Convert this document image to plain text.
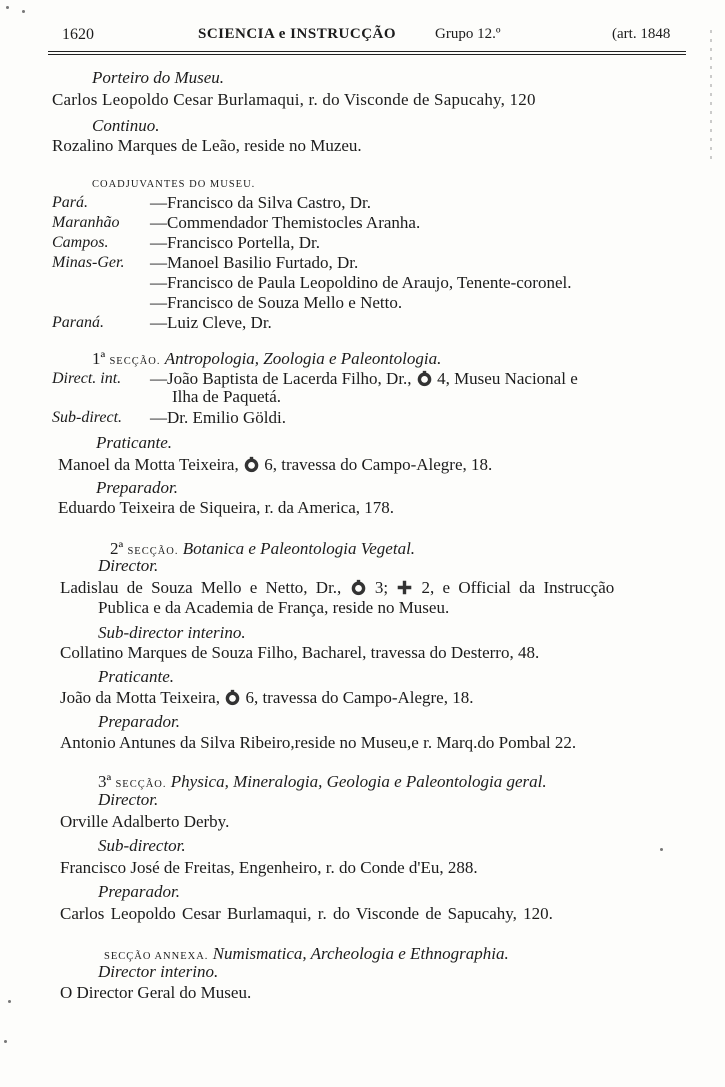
1620	SCIENCIA e INSTRUCÇÃO	Grupo 12.º	(art. 1848
Porteiro do Museu.
Carlos Leopoldo Cesar Burlamaqui, r. do Visconde de Sapucahy, 120
Continuo.
Rozalino Marques de Leão, reside no Muzeu.
COADJUVANTES DO MUSEU.
Pará.	—Francisco da Silva Castro, Dr.
Maranhão —Commendador Themistocles Aranha.
Campos. —Francisco Portella, Dr.
Minas-Ger. —Manoel Basilio Furtado, Dr.
—Francisco de Paula Leopoldino de Araujo, Tenente-coronel.
—Francisco de Souza Mello e Netto.
Paraná.	—Luiz Cleve, Dr.
1ª SECÇÃO. Antropologia, Zoologia e Paleontologia.
Direct. int. —João Baptista de Lacerda Filho, Dr., 4, Museu Nacional e
Ilha de Paquetá.
Sub-direct. —Dr. Emilio Göldi.
Praticante.
Manoel da Motta Teixeira, 6, travessa do Campo-Alegre, 18.
Preparador.
Eduardo Teixeira de Siqueira, r. da America, 178.
2ª SECÇÃO. Botanica e Paleontologia Vegetal.
Director.
Ladislau de Souza Mello e Netto, Dr., 3; 2, e Official da Instrucção
Publica e da Academia de França, reside no Museu.
Sub-director interino.
Collatino Marques de Souza Filho, Bacharel, travessa do Desterro, 48.
Praticante.
João da Motta Teixeira, 6, travessa do Campo-Alegre, 18.
Preparador.
Antonio Antunes da Silva Ribeiro,reside no Museu,e r. Marq.do Pombal 22.
3ª SECÇÃO. Physica, Mineralogia, Geologia e Paleontologia geral.
Director.
Orville Adalberto Derby.
Sub-director.
Francisco José de Freitas, Engenheiro, r. do Conde d'Eu, 288.
Preparador.
Carlos Leopoldo Cesar Burlamaqui, r. do Visconde de Sapucahy, 120.
SECÇÃO ANNEXA. Numismatica, Archeologia e Ethnographia.
Director interino.
O Director Geral do Museu.
